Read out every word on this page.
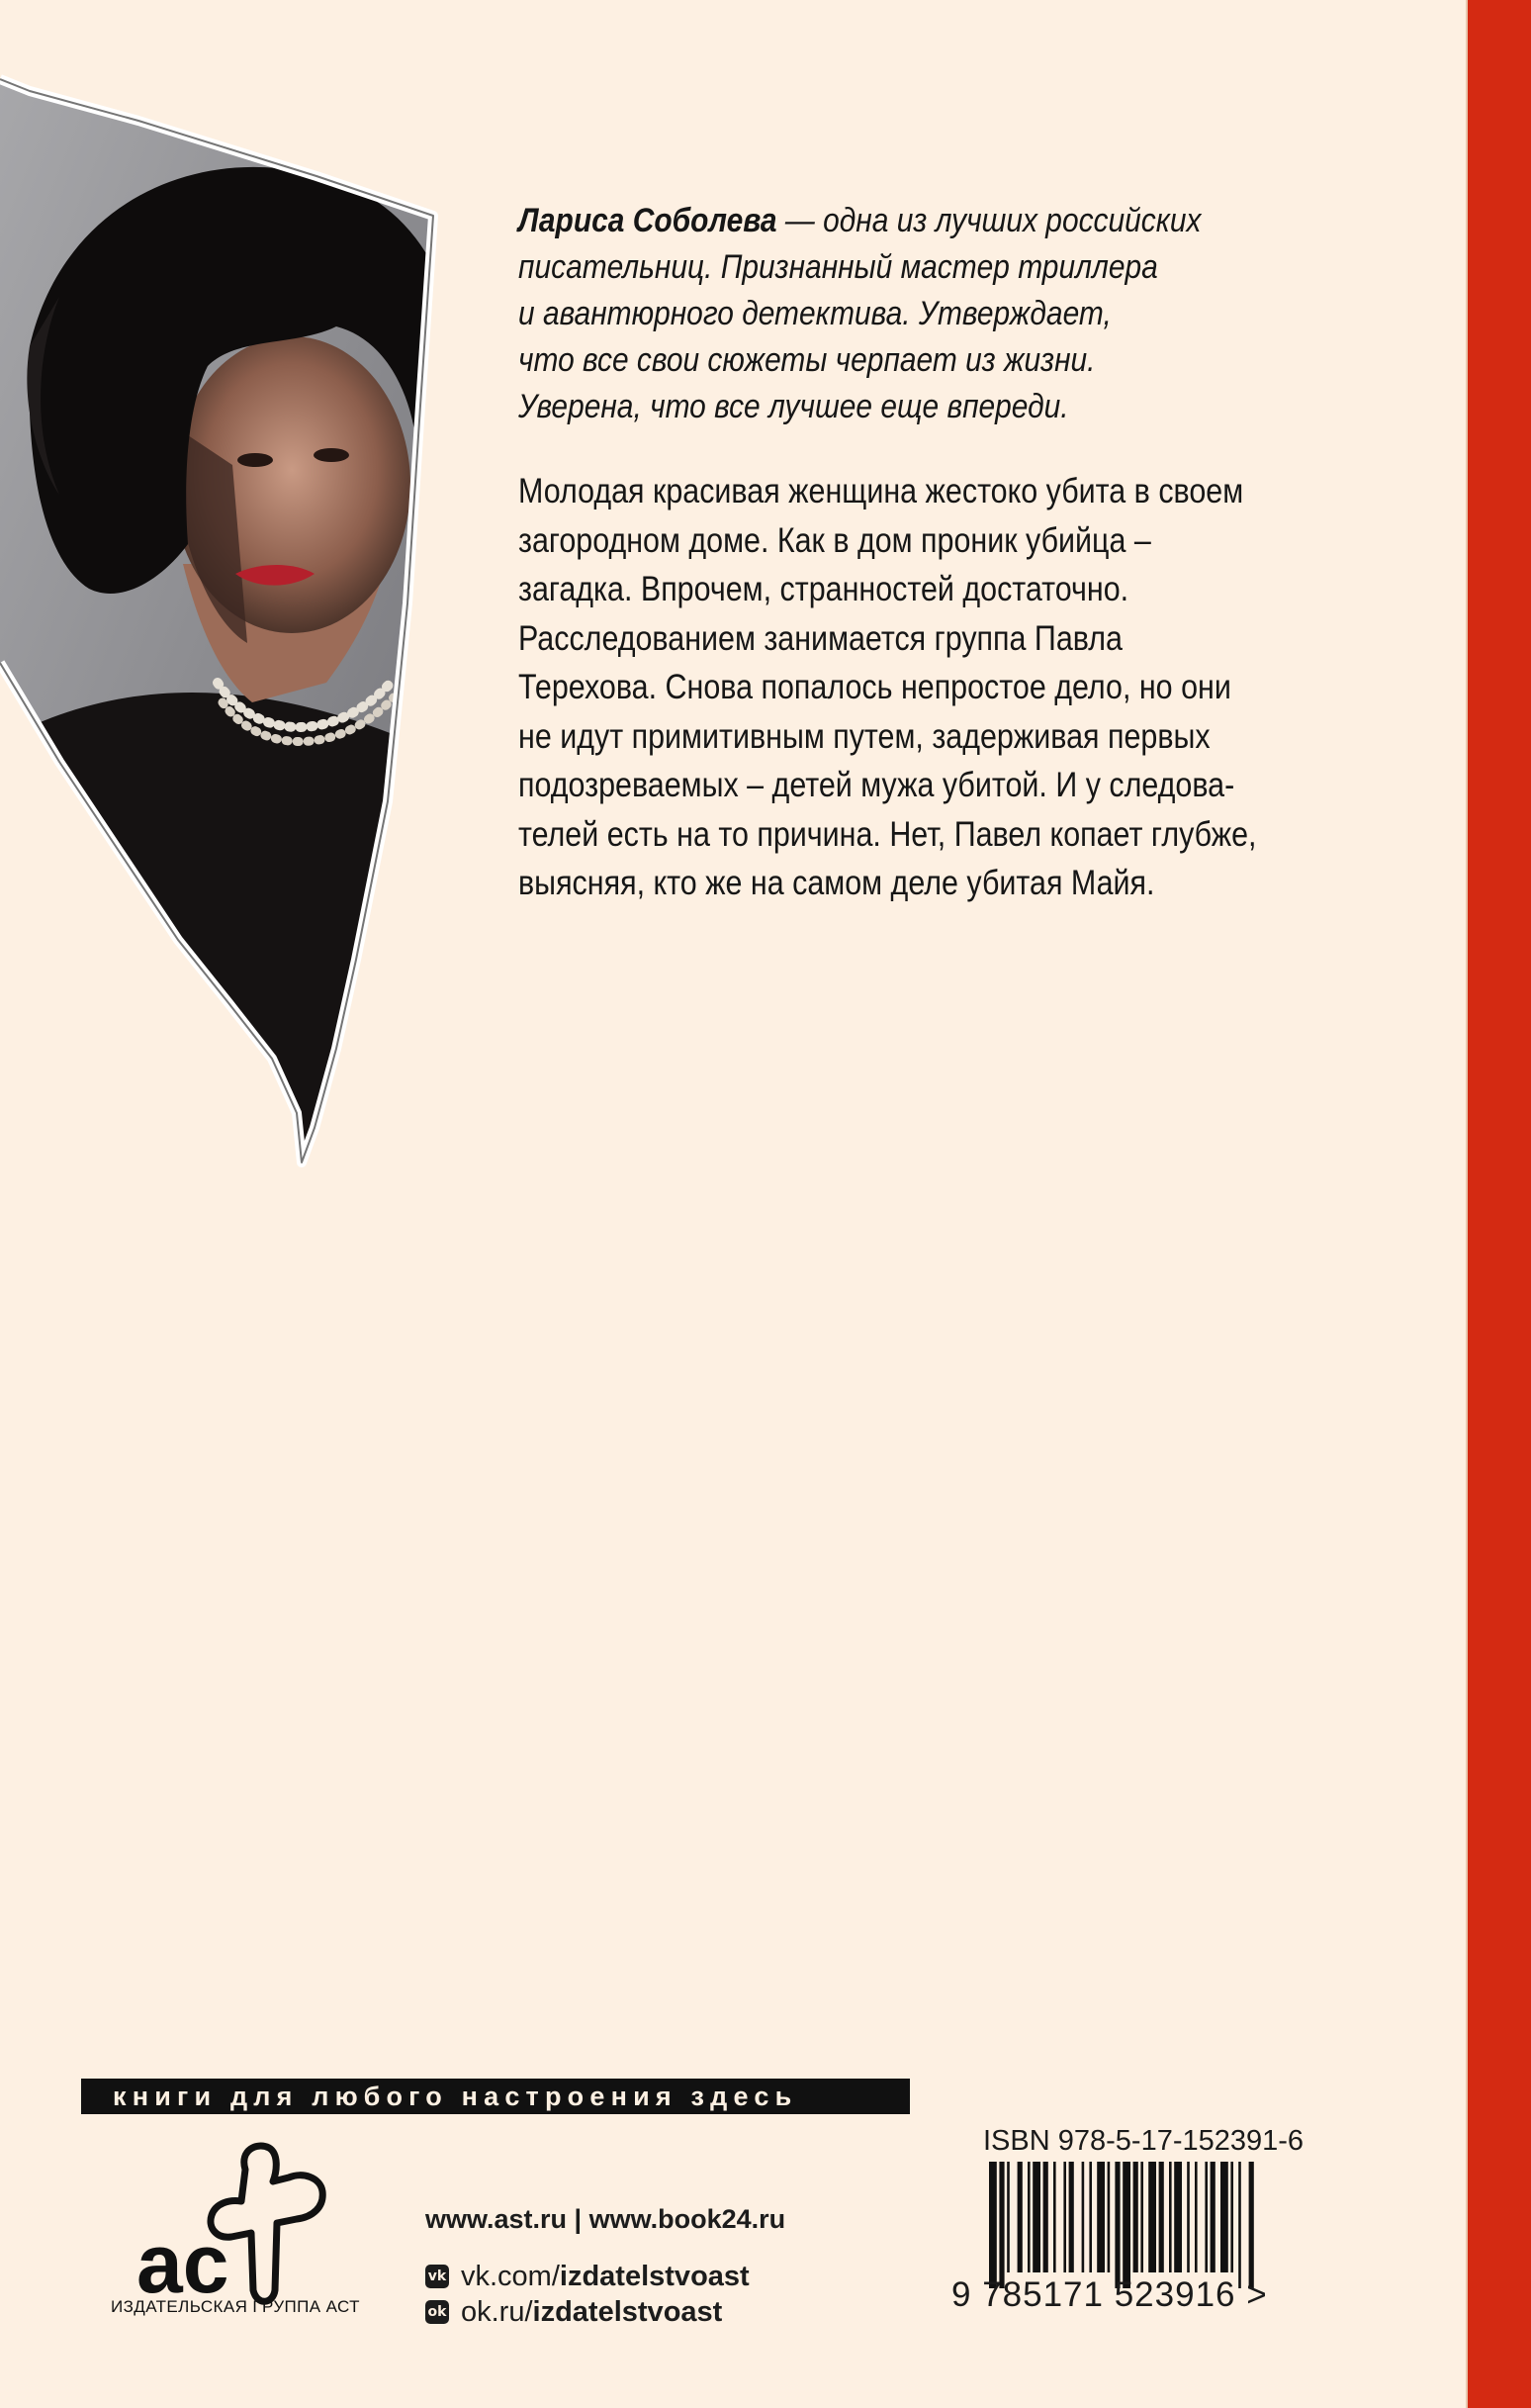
Лариса Соболева — одна из лучших российских
писательниц. Признанный мастер триллера
и авантюрного детектива. Утверждает,
что все свои сюжеты черпает из жизни.
Уверена, что все лучшее еще впереди.

Молодая красивая женщина жестоко убита в своем
загородном доме. Как в дом проник убийца –
загадка. Впрочем, странностей достаточно.
Расследованием занимается группа Павла
Терехова. Снова попалось непростое дело, но они
не идут примитивным путем, задерживая первых
подозреваемых – детей мужа убитой. И у следова-
телей есть на то причина. Нет, Павел копает глубже,
выясняя, кто же на самом деле убитая Майя.

книги для любого настроения здесь
ас
ИЗДАТЕЛЬСКАЯ ГРУППА АСТ

www.ast.ru | www.book24.ru

vk vk.com/ izdatelstvoast
ok ok.ru/ izdatelstvoast
ISBN 978-5-17-152391-6
9 785171 523916 >
